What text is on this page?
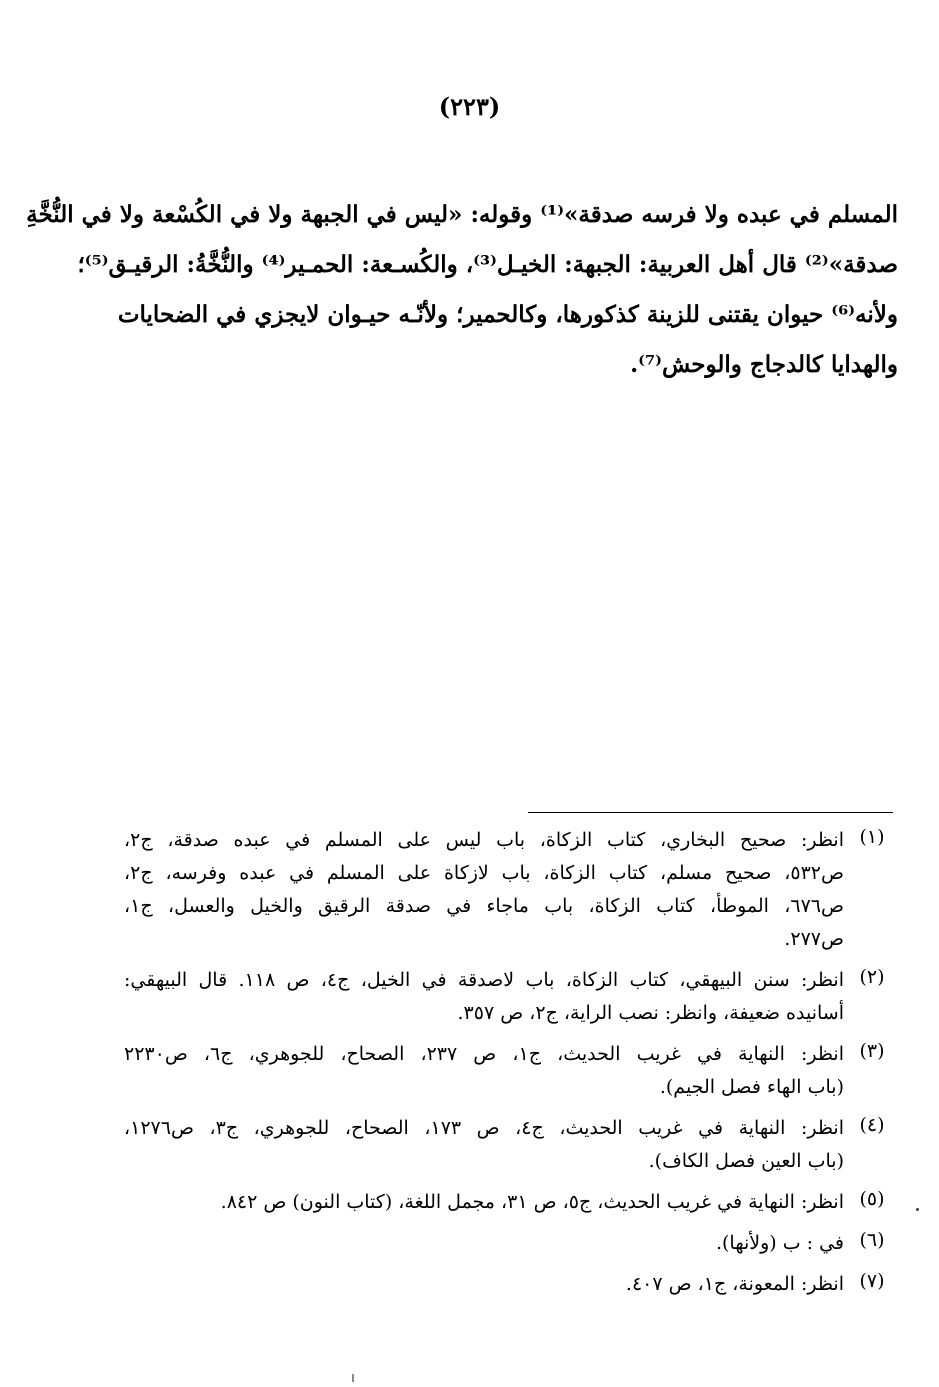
(٢٢٣)
المسلم في عبده ولا فرسه صدقة»⁽¹⁾ وقوله: «ليس في الجبهة ولا في الكُسْعة ولا في النُّخَّةِ
صدقة»⁽²⁾ قال أهل العربية: الجبهة: الخيـل⁽³⁾، والكُسـعة: الحمـير⁽⁴⁾ والنُّخَّةُ: الرقيـق⁽⁵⁾؛
ولأنه⁽⁶⁾ حيوان يقتنى للزينة كذكورها، وكالحمير؛ ولأنّـه حيـوان لايجزي في الضحايات
والهدايا كالدجاج والوحش⁽⁷⁾.
(١)
انظر: صحيح البخاري، كتاب الزكاة، باب ليس على المسلم في عبده صدقة، ج٢،
ص٥٣٢، صحيح مسلم، كتاب الزكاة، باب لازكاة على المسلم في عبده وفرسه، ج٢،
ص٦٧٦، الموطأ، كتاب الزكاة، باب ماجاء في صدقة الرقيق والخيل والعسل، ج١،
ص٢٧٧.
(٢)
انظر: سنن البيهقي، كتاب الزكاة، باب لاصدقة في الخيل، ج٤، ص ١١٨. قال البيهقي:
أسانيده ضعيفة، وانظر: نصب الراية، ج٢، ص ٣٥٧.
(٣)
انظر: النهاية في غريب الحديث، ج١، ص ٢٣٧، الصحاح، للجوهري، ج٦، ص٢٢٣٠
(باب الهاء فصل الجيم).
(٤)
انظر: النهاية في غريب الحديث، ج٤، ص ١٧٣، الصحاح، للجوهري، ج٣، ص١٢٧٦،
(باب العين فصل الكاف).
(٥)
انظر: النهاية في غريب الحديث، ج٥، ص ٣١، مجمل اللغة، (كتاب النون) ص ٨٤٢.
(٦)
في : ب (ولأنها).
(٧)
انظر: المعونة، ج١، ص ٤٠٧.
